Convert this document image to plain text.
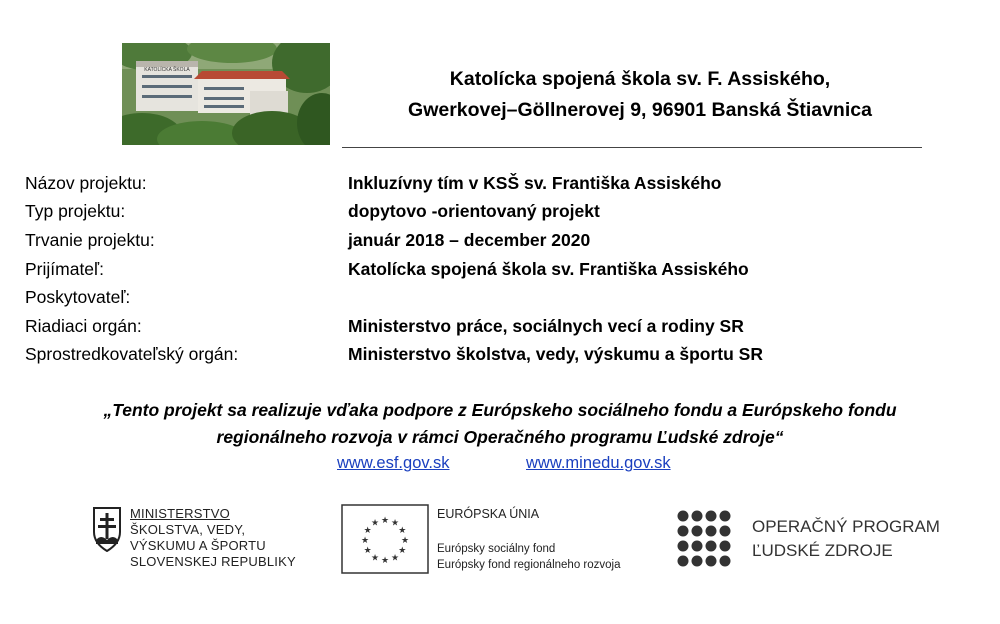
KATOLÍCKA ŠKOLA	Katolícka spojená škola sv. F. Assiského,
Gwerkovej–Göllnerovej 9, 96901 Banská Štiavnica
Názov projektu:	Inkluzívny tím v KSŠ sv. Františka Assiského
Typ projektu:	dopytovo -orientovaný projekt
Trvanie projektu:	január 2018 – december 2020
Prijímateľ:	Katolícka spojená škola sv. Františka Assiského
Poskytovateľ:
Riadiaci orgán:	Ministerstvo práce, sociálnych vecí a rodiny SR
Sprostredkovateľský orgán:	Ministerstvo školstva, vedy, výskumu a športu SR
„Tento projekt sa realizuje vďaka podpore z Európskeho sociálneho fondu a Európskeho fondu
regionálneho rozvoja v rámci Operačného programu Ľudské zdroje“
www.esf.gov.sk	www.minedu.gov.sk
MINISTERSTVO
ŠKOLSTVA, VEDY,
VÝSKUMU A ŠPORTU
SLOVENSKEJ REPUBLIKY
★ ★
★
★
★
★
★
★
★
★
★
★
EURÓPSKA ÚNIA
Európsky sociálny fond
Európsky fond regionálneho rozvoja
OPERAČNÝ PROGRAM
ĽUDSKÉ ZDROJE
